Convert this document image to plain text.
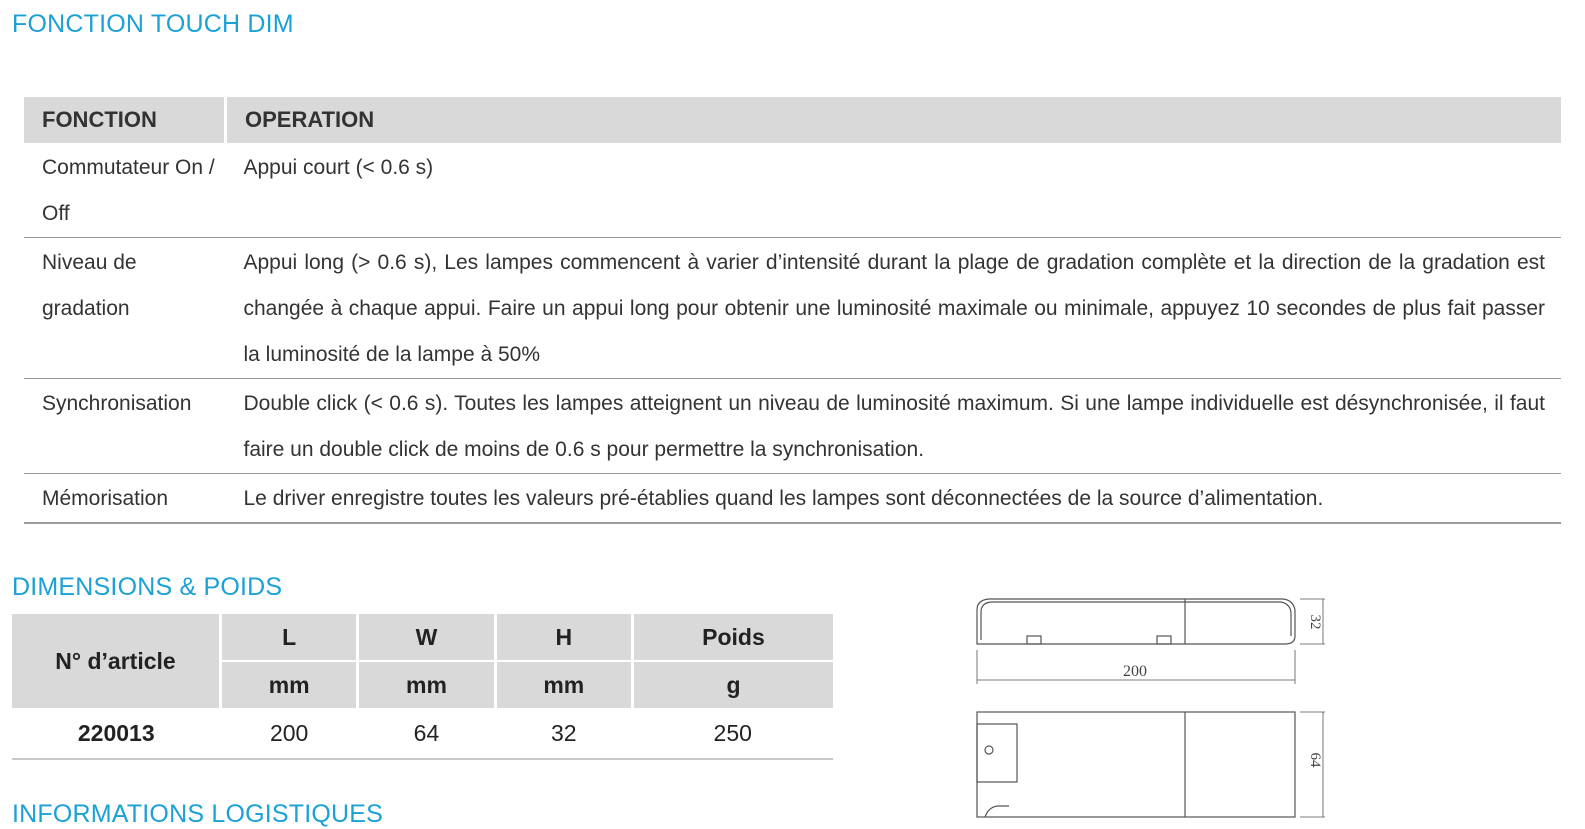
FONCTION TOUCH DIM
FONCTION	OPERATION

Commutateur On / Off	Appui court (< 0.6 s)

Niveau de gradation	Appui long (> 0.6 s), Les lampes commencent à varier d’intensité durant la plage de gradation complète et la direction de la gradation est changée à chaque appui. Faire un appui long pour obtenir une luminosité maximale ou minimale, appuyez 10 secondes de plus fait passer la luminosité de la lampe à 50%
Synchronisation	Double click (< 0.6 s). Toutes les lampes atteignent un niveau de luminosité maximum. Si une lampe individuelle est désynchronisée, il faut faire un double click de moins de 0.6 s pour permettre la synchronisation.
Mémorisation	Le driver enregistre toutes les valeurs pré-établies quand les lampes sont déconnectées de la source d’alimentation.
DIMENSIONS & POIDS
N° d’article	L	W	H	Poids
	mm	mm	mm	g
220013	200	64	32	250
200
32
64
INFORMATIONS LOGISTIQUES
